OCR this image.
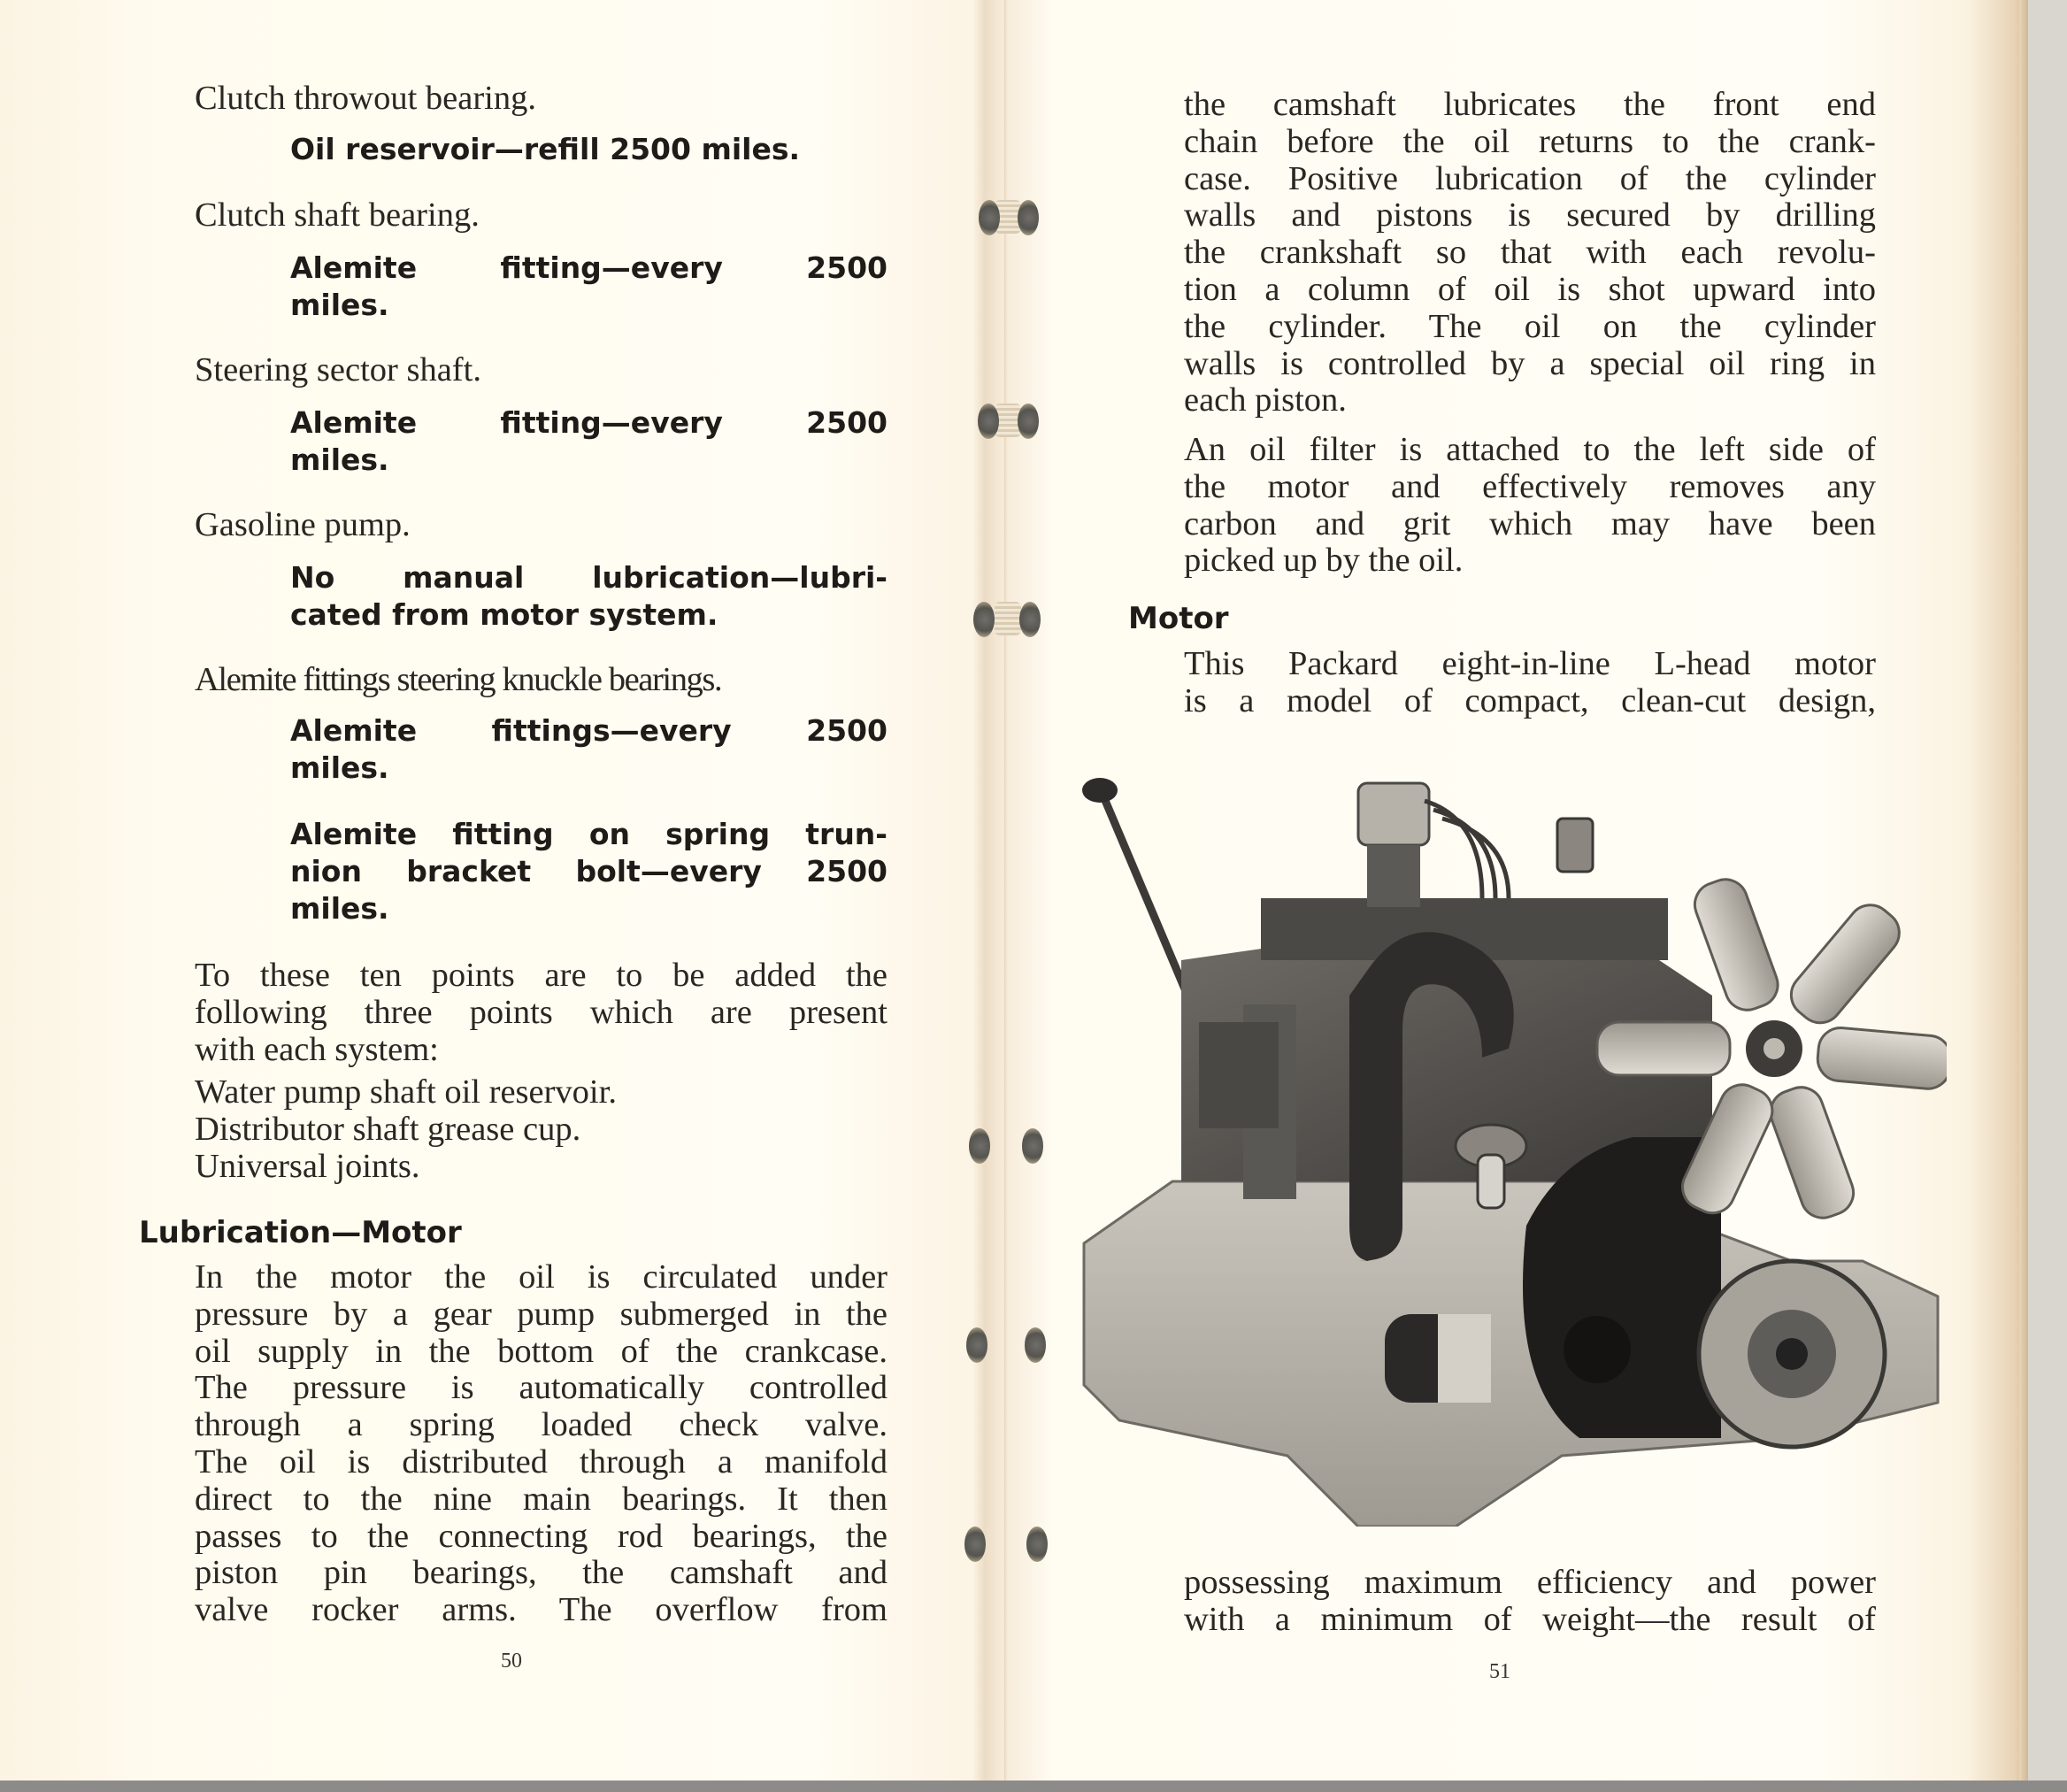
Clutch throwout bearing.

Oil reservoir—refill 2500 miles.

Clutch shaft bearing.

Alemite fitting—every 2500
miles.

Steering sector shaft.

Alemite fitting—every 2500
miles.

Gasoline pump.

No manual lubrication—lubri-
cated from motor system.
Alemite fittings steering knuckle bearings.
Alemite fittings—every 2500
miles.
Alemite fitting on spring trun-
nion bracket bolt—every 2500
miles.
To these ten points are to be added the
following three points which are present
with each system:
Water pump shaft oil reservoir.
Distributor shaft grease cup.
Universal joints.

Lubrication—Motor

In the motor the oil is circulated under
pressure by a gear pump submerged in the
oil supply in the bottom of the crankcase.
The pressure is automatically controlled
through a spring loaded check valve.
The oil is distributed through a manifold
direct to the nine main bearings. It then
passes to the connecting rod bearings, the
piston pin bearings, the camshaft and
valve rocker arms. The overflow from
50
the camshaft lubricates the front end
chain before the oil returns to the crank-
case. Positive lubrication of the cylinder
walls and pistons is secured by drilling
the crankshaft so that with each revolu-
tion a column of oil is shot upward into
the cylinder. The oil on the cylinder
walls is controlled by a special oil ring in
each piston.
An oil filter is attached to the left side of
the motor and effectively removes any
carbon and grit which may have been
picked up by the oil.

Motor

This Packard eight-in-line L-head motor
is a model of compact, clean-cut design,
possessing maximum efficiency and power
with a minimum of weight—the result of
51
